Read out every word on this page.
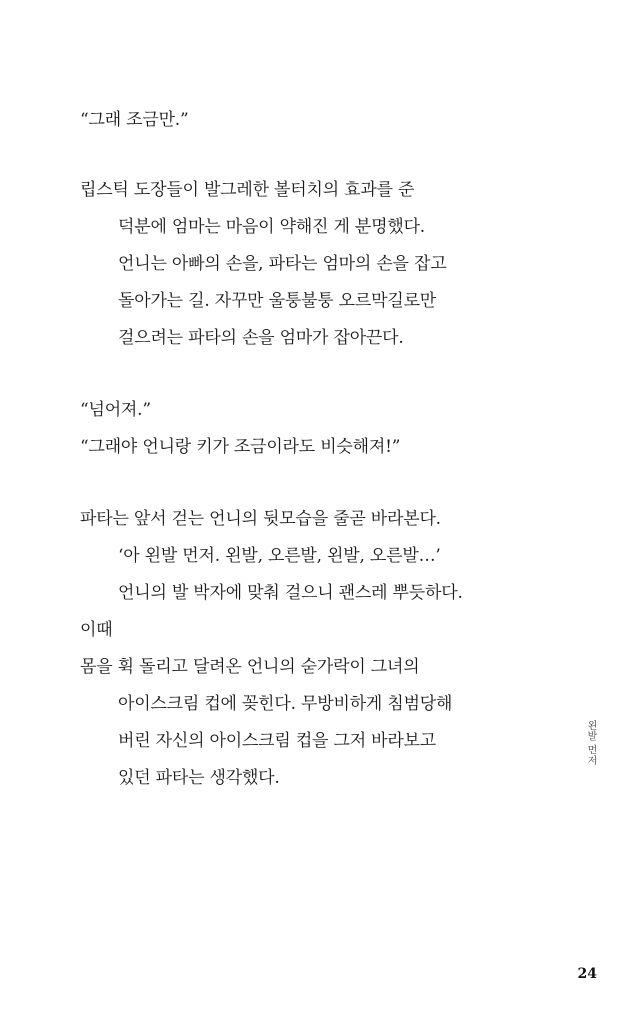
“그래 조금만.”
립스틱 도장들이 발그레한 볼터치의 효과를 준
덕분에 엄마는 마음이 약해진 게 분명했다.
언니는 아빠의 손을, 파타는 엄마의 손을 잡고
돌아가는 길. 자꾸만 울퉁불퉁 오르막길로만
걸으려는 파타의 손을 엄마가 잡아끈다.
“넘어져.”
“그래야 언니랑 키가 조금이라도 비슷해져!”
파타는 앞서 걷는 언니의 뒷모습을 줄곧 바라본다.
‘아 왼발 먼저. 왼발, 오른발, 왼발, 오른발…’
언니의 발 박자에 맞춰 걸으니 괜스레 뿌듯하다.
이때
몸을 휙 돌리고 달려온 언니의 숟가락이 그녀의
아이스크림 컵에 꽂힌다. 무방비하게 침범당해
버린 자신의 아이스크림 컵을 그저 바라보고
있던 파타는 생각했다.
왼발 먼저
24
